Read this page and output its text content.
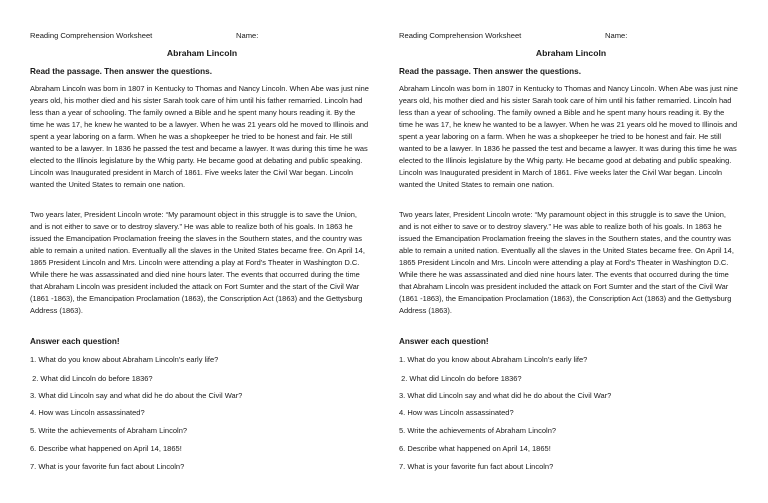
Reading Comprehension Worksheet	Name:
Abraham Lincoln
Read the passage. Then answer the questions.

Abraham Lincoln was born in 1807 in Kentucky to Thomas and Nancy Lincoln. When Abe was just nine years old, his mother died and his sister Sarah took care of him until his father remarried. Lincoln had less than a year of schooling. The family owned a Bible and he spent many hours reading it. By the time he was 17, he knew he wanted to be a lawyer. When he was 21 years old he moved to Illinois and spent a year laboring on a farm. When he was a shopkeeper he tried to be honest and fair. He still wanted to be a lawyer. In 1836 he passed the test and became a lawyer. It was during this time he was elected to the Illinois legislature by the Whig party. He became good at debating and public speaking. Lincoln was Inaugurated president in March of 1861. Five weeks later the Civil War began. Lincoln wanted the United States to remain one nation.

Two years later, President Lincoln wrote: “My paramount object in this struggle is to save the Union, and is not either to save or to destroy slavery.” He was able to realize both of his goals. In 1863 he issued the Emancipation Proclamation freeing the slaves in the Southern states, and the country was able to remain a united nation. Eventually all the slaves in the United States became free. On April 14, 1865 President Lincoln and Mrs. Lincoln were attending a play at Ford’s Theater in Washington D.C. While there he was assassinated and died nine hours later. The events that occurred during the time that Abraham Lincoln was president included the attack on Fort Sumter and the start of the Civil War (1861 -1863), the Emancipation Proclamation (1863), the Conscription Act (1863) and the Gettysburg Address (1863).

Answer each question!
1. What do you know about Abraham Lincoln’s early life?
2. What did Lincoln do before 1836?
3. What did Lincoln say and what did he do about the Civil War?
4. How was Lincoln assassinated?
5. Write the achievements of Abraham Lincoln?
6. Describe what happened on April 14, 1865!
7. What is your favorite fun fact about Lincoln?
Reading Comprehension Worksheet	Name:
Abraham Lincoln
Read the passage. Then answer the questions.

Abraham Lincoln was born in 1807 in Kentucky to Thomas and Nancy Lincoln. When Abe was just nine years old, his mother died and his sister Sarah took care of him until his father remarried. Lincoln had less than a year of schooling. The family owned a Bible and he spent many hours reading it. By the time he was 17, he knew he wanted to be a lawyer. When he was 21 years old he moved to Illinois and spent a year laboring on a farm. When he was a shopkeeper he tried to be honest and fair. He still wanted to be a lawyer. In 1836 he passed the test and became a lawyer. It was during this time he was elected to the Illinois legislature by the Whig party. He became good at debating and public speaking. Lincoln was Inaugurated president in March of 1861. Five weeks later the Civil War began. Lincoln wanted the United States to remain one nation.

Two years later, President Lincoln wrote: “My paramount object in this struggle is to save the Union, and is not either to save or to destroy slavery.” He was able to realize both of his goals. In 1863 he issued the Emancipation Proclamation freeing the slaves in the Southern states, and the country was able to remain a united nation. Eventually all the slaves in the United States became free. On April 14, 1865 President Lincoln and Mrs. Lincoln were attending a play at Ford’s Theater in Washington D.C. While there he was assassinated and died nine hours later. The events that occurred during the time that Abraham Lincoln was president included the attack on Fort Sumter and the start of the Civil War (1861 -1863), the Emancipation Proclamation (1863), the Conscription Act (1863) and the Gettysburg Address (1863).

Answer each question!
1. What do you know about Abraham Lincoln’s early life?
2. What did Lincoln do before 1836?
3. What did Lincoln say and what did he do about the Civil War?
4. How was Lincoln assassinated?
5. Write the achievements of Abraham Lincoln?
6. Describe what happened on April 14, 1865!
7. What is your favorite fun fact about Lincoln?
